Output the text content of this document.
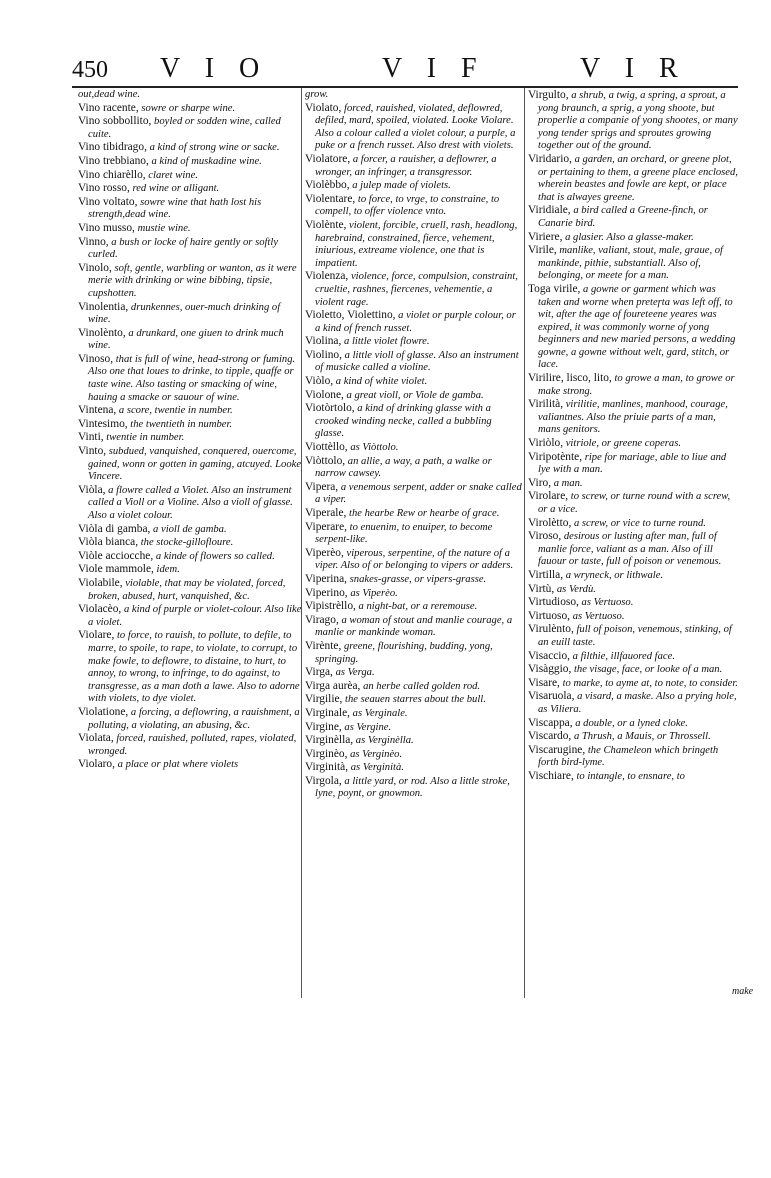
450 V I O	V I F	V I R
out,dead wine.
Vino racente, sowre or sharpe wine.
Vino sobbollito, boyled or sodden wine, called cuite.
Vino tibidrago, a kind of strong wine or sacke.
Vino trebbiano, a kind of muskadine wine.
Vino chiarèllo, claret wine.
Vino rosso, red wine or alligant.
Vino voltato, sowre wine that hath lost his strength,dead wine.
Vino musso, mustie wine.
Vinno, a bush or locke of haire gently or softly curled.
Vinolo, soft, gentle, warbling or wanton, as it were merie with drinking or wine bibbing, tipsie, cupshotten.
Vinolentia, drunkennes, ouer-much drinking of wine.
Vinolènto, a drunkard, one giuen to drink much wine.
Vinoso, that is full of wine, head-strong or fuming. Also one that loues to drinke, to tipple, quaffe or taste wine. Also tasting or smacking of wine, hauing a smacke or sauour of wine.
Vintena, a score, twentie in number.
Vintesimo, the twentieth in number.
Vinti, twentie in number.
Vinto, subdued, vanquished, conquered, ouercome, gained, wonn or gotten in gaming, atcuyed. Looke Vincere.
Viòla, a flowre called a Violet. Also an instrument called a Violl or a Violine. Also a violl of glasse. Also a violet colour.
Viòla di gamba, a violl de gamba.
Viòla bianca, the stocke-gillofloure.
Viòle acciocche, a kinde of flowers so called.
Viole mammole, idem.
Violabile, violable, that may be violated, forced, broken, abused, hurt, vanquished, &c.
Violacèo, a kind of purple or violet-colour. Also like a violet.
Violare, to force, to rauish, to pollute, to defile, to marre, to spoile, to rape, to violate, to corrupt, to make fowle, to deflowre, to distaine, to hurt, to annoy, to wrong, to infringe, to do against, to transgresse, as a man doth a lawe. Also to adorne with violets, to dye violet.
Violatione, a forcing, a deflowring, a rauishment, a polluting, a violating, an abusing, &c.
Violata, forced, rauished, polluted, rapes, violated, wronged.
Violaro, a place or plat where violets
grow.
Violato, forced, rauished, violated, deflowred, defiled, mard, spoiled, violated. Looke Violare. Also a colour called a violet colour, a purple, a puke or a french russet. Also drest with violets.
Violatore, a forcer, a rauisher, a deflowrer, a wronger, an infringer, a transgressor.
Violèbbo, a julep made of violets.
Violentare, to force, to vrge, to constraine, to compell, to offer violence vnto.
Violènte, violent, forcible, cruell, rash, headlong, harebraind, constrained, fierce, vehement, iniurious, extreame violence, one that is impatient.
Violenza, violence, force, compulsion, constraint, crueltie, rashnes, fiercenes, vehementie, a violent rage.
Violetto, Violettino, a violet or purple colour, or a kind of french russet.
Violina, a little violet flowre.
Violino, a little violl of glasse. Also an instrument of musicke called a violine.
Viòlo, a kind of white violet.
Violone, a great violl, or Viole de gamba.
Viotòrtolo, a kind of drinking glasse with a crooked winding necke, called a bubbling glasse.
Viottèllo, as Viòttolo.
Viòttolo, an allie, a way, a path, a walke or narrow cawsey.
Vipera, a venemous serpent, adder or snake called a viper.
Viperale, the hearbe Rew or hearbe of grace.
Viperare, to enuenim, to enuiper, to become serpent-like.
Viperèo, viperous, serpentine, of the nature of a viper. Also of or belonging to vipers or adders.
Viperina, snakes-grasse, or vipers-grasse.
Viperino, as Viperèo.
Vipistrèllo, a night-bat, or a reremouse.
Virago, a woman of stout and manlie courage, a manlie or mankinde woman.
Virènte, greene, flourishing, budding, yong, springing.
Virga, as Verga.
Virga aurèa, an herbe called golden rod.
Virgilie, the seauen starres about the bull.
Virginale, as Verginale.
Virgine, as Vergine.
Virginèlla, as Verginèlla.
Virginèo, as Verginèo.
Virginità, as Verginità.
Virgola, a little yard, or rod. Also a little stroke, lyne, poynt, or gnowmon.
Virgulto, a shrub, a twig, a spring, a sprout, a yong braunch, a sprig, a yong shoote, but properlie a companie of yong shootes, or many yong tender sprigs and sproutes growing together out of the ground.
Viridario, a garden, an orchard, or greene plot, or pertaining to them, a greene place enclosed, wherein beastes and fowle are kept, or place that is alwayes greene.
Viridiale, a bird called a Greene-finch, or Canarie bird.
Viriere, a glasier. Also a glasse-maker.
Virile, manlike, valiant, stout, male, graue, of mankinde, pithie, substantiall. Also of, belonging, or meete for a man.
Toga virile, a gowne or garment which was taken and worne when preteɼta was left off, to wit, after the age of foureteene yeares was expired, it was commonly worne of yong beginners and new maried persons, a wedding gowne, a gowne without welt, gard, stitch, or lace.
Virilire, lisco, lito, to growe a man, to growe or make strong.
Virilità, virilitie, manlines, manhood, courage, valiantnes. Also the priuie parts of a man, mans genitors.
Viriòlo, vitriole, or greene coperas.
Viripotènte, ripe for mariage, able to liue and lye with a man.
Viro, a man.
Virolare, to screw, or turne round with a screw, or a vice.
Virolètto, a screw, or vice to turne round.
Viroso, desirous or lusting after man, full of manlie force, valiant as a man. Also of ill fauour or taste, full of poison or venemous.
Virtilla, a wryneck, or lithwale.
Virtù, as Verdù.
Virtudioso, as Vertuoso.
Virtuoso, as Vertuoso.
Virulènto, full of poison, venemous, stinking, of an euill taste.
Visaccio, a filthie, illfauored face.
Visàggio, the visage, face, or looke of a man.
Visare, to marke, to ayme at, to note, to consider.
Visaruola, a visard, a maske. Also a prying hole, as Viliera.
Viscappa, a double, or a lyned cloke.
Viscardo, a Thrush, a Mauis, or Throssell.
Viscarugine, the Chameleon which bringeth forth bird-lyme.
Vischiare, to intangle, to ensnare, to
make
